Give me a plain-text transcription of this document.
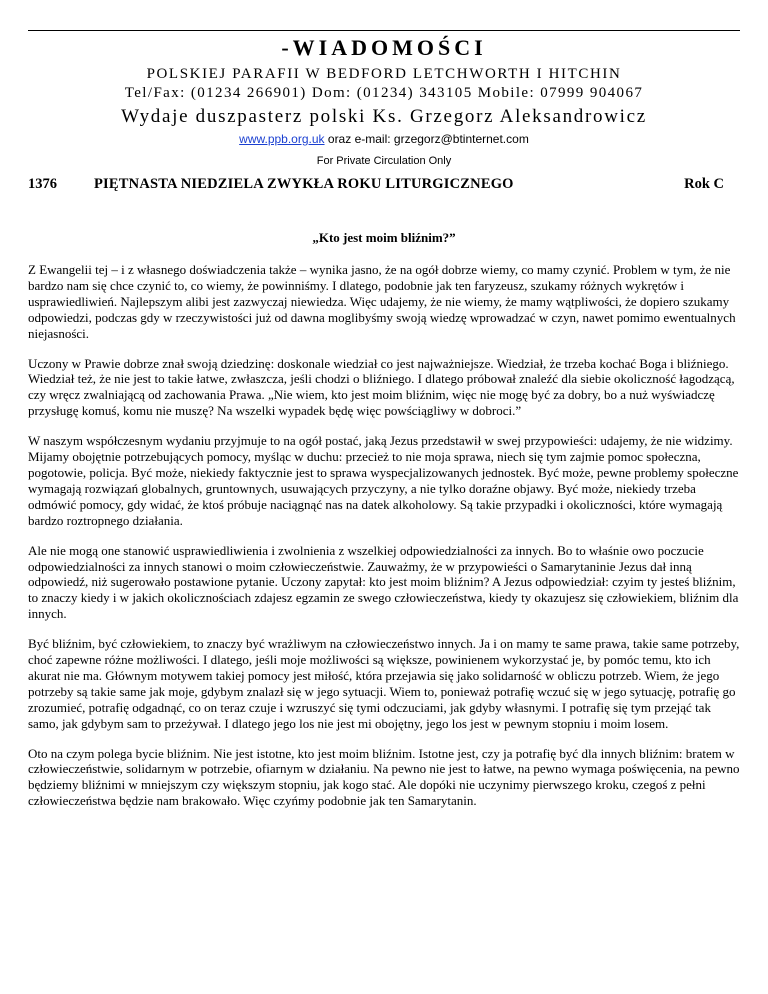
-WIADOMOŚCI
POLSKIEJ PARAFII W BEDFORD LETCHWORTH I HITCHIN
Tel/Fax: (01234 266901) Dom: (01234) 343105 Mobile: 07999 904067
Wydaje duszpasterz polski Ks. Grzegorz Aleksandrowicz
www.ppb.org.uk oraz e-mail: grzegorz@btinternet.com
For Private Circulation Only
1376	PIĘTNASTA NIEDZIELA ZWYKŁA ROKU LITURGICZNEGO	Rok C
„Kto jest moim bliźnim?”

Z Ewangelii tej – i z własnego doświadczenia także – wynika jasno, że na ogół dobrze wiemy, co mamy czynić. Problem w tym, że nie bardzo nam się chce czynić to, co wiemy, że powinniśmy. I dlatego, podobnie jak ten faryzeusz, szukamy różnych wykrętów i usprawiedliwień. Najlepszym alibi jest zazwyczaj niewiedza. Więc udajemy, że nie wiemy, że mamy wątpliwości, że dopiero szukamy odpowiedzi, podczas gdy w rzeczywistości już od dawna moglibyśmy swoją wiedzę wprowadzać w czyn, nawet pomimo ewentualnych niejasności.

Uczony w Prawie dobrze znał swoją dziedzinę: doskonale wiedział co jest najważniejsze. Wiedział, że trzeba kochać Boga i bliźniego. Wiedział też, że nie jest to takie łatwe, zwłaszcza, jeśli chodzi o bliźniego. I dlatego próbował znaleźć dla siebie okoliczność łagodzącą, czy wręcz zwalniającą od zachowania Prawa. „Nie wiem, kto jest moim bliźnim, więc nie mogę być za dobry, bo a nuż wyświadczę przysługę komuś, komu nie muszę? Na wszelki wypadek będę więc powściągliwy w dobroci.”

W naszym współczesnym wydaniu przyjmuje to na ogół postać, jaką Jezus przedstawił w swej przypowieści: udajemy, że nie widzimy. Mijamy obojętnie potrzebujących pomocy, myśląc w duchu: przecież to nie moja sprawa, niech się tym zajmie pomoc społeczna, pogotowie, policja. Być może, niekiedy faktycznie jest to sprawa wyspecjalizowanych jednostek. Być może, pewne problemy społeczne wymagają rozwiązań globalnych, gruntownych, usuwających przyczyny, a nie tylko doraźne objawy. Być może, niekiedy trzeba odmówić pomocy, gdy widać, że ktoś próbuje naciągnąć nas na datek alkoholowy. Są takie przypadki i okoliczności, które wymagają bardzo roztropnego działania.

Ale nie mogą one stanowić usprawiedliwienia i zwolnienia z wszelkiej odpowiedzialności za innych. Bo to właśnie owo poczucie odpowiedzialności za innych stanowi o moim człowieczeństwie. Zauważmy, że w przypowieści o Samarytaninie Jezus dał inną odpowiedź, niż sugerowało postawione pytanie. Uczony zapytał: kto jest moim bliźnim? A Jezus odpowiedział: czyim ty jesteś bliźnim, to znaczy kiedy i w jakich okolicznościach zdajesz egzamin ze swego człowieczeństwa, kiedy ty okazujesz się człowiekiem, bliźnim dla innych.

Być bliźnim, być człowiekiem, to znaczy być wrażliwym na człowieczeństwo innych. Ja i on mamy te same prawa, takie same potrzeby, choć zapewne różne możliwości. I dlatego, jeśli moje możliwości są większe, powinienem wykorzystać je, by pomóc temu, kto ich akurat nie ma. Głównym motywem takiej pomocy jest miłość, która przejawia się jako solidarność w obliczu potrzeb. Wiem, że jego potrzeby są takie same jak moje, gdybym znalazł się w jego sytuacji. Wiem to, ponieważ potrafię wczuć się w jego sytuację, potrafię go zrozumieć, potrafię odgadnąć, co on teraz czuje i wzruszyć się tymi odczuciami, jak gdyby własnymi. I potrafię się tym przejąć tak samo, jak gdybym sam to przeżywał. I dlatego jego los nie jest mi obojętny, jego los jest w pewnym stopniu i moim losem.

Oto na czym polega bycie bliźnim. Nie jest istotne, kto jest moim bliźnim. Istotne jest, czy ja potrafię być dla innych bliźnim: bratem w człowieczeństwie, solidarnym w potrzebie, ofiarnym w działaniu. Na pewno nie jest to łatwe, na pewno wymaga poświęcenia, na pewno będziemy bliźnimi w mniejszym czy większym stopniu, jak kogo stać. Ale dopóki nie uczynimy pierwszego kroku, czegoś z pełni człowieczeństwa będzie nam brakowało. Więc czyńmy podobnie jak ten Samarytanin.
